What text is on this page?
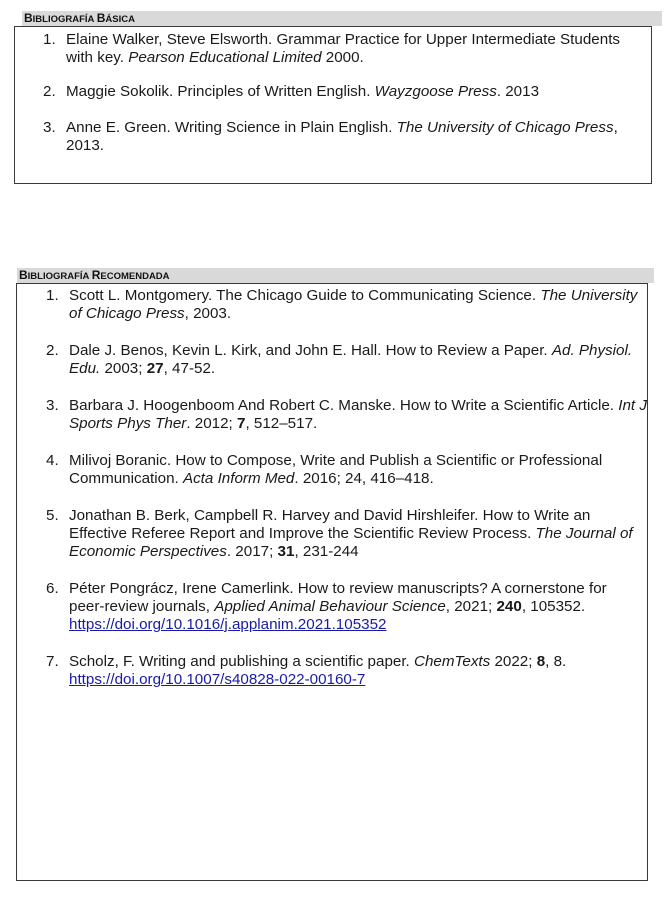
BIBLIOGRAFÍA BÁSICA
1. Elaine Walker, Steve Elsworth. Grammar Practice for Upper Intermediate Students with key. Pearson Educational Limited 2000.
2. Maggie Sokolik. Principles of Written English. Wayzgoose Press. 2013
3. Anne E. Green. Writing Science in Plain English. The University of Chicago Press, 2013.
BIBLIOGRAFÍA RECOMENDADA
1. Scott L. Montgomery. The Chicago Guide to Communicating Science. The University of Chicago Press, 2003.
2. Dale J. Benos, Kevin L. Kirk, and John E. Hall. How to Review a Paper. Ad. Physiol. Edu. 2003; 27, 47-52.
3. Barbara J. Hoogenboom And Robert C. Manske. How to Write a Scientific Article. Int J Sports Phys Ther. 2012; 7, 512–517.
4. Milivoj Boranic. How to Compose, Write and Publish a Scientific or Professional Communication. Acta Inform Med. 2016; 24, 416–418.
5. Jonathan B. Berk, Campbell R. Harvey and David Hirshleifer. How to Write an Effective Referee Report and Improve the Scientific Review Process. The Journal of Economic Perspectives. 2017; 31, 231-244
6. Péter Pongrácz, Irene Camerlink. How to review manuscripts? A cornerstone for peer-review journals, Applied Animal Behaviour Science, 2021; 240, 105352.
https://doi.org/10.1016/j.applanim.2021.105352
7. Scholz, F. Writing and publishing a scientific paper. ChemTexts 2022; 8, 8.
https://doi.org/10.1007/s40828-022-00160-7
